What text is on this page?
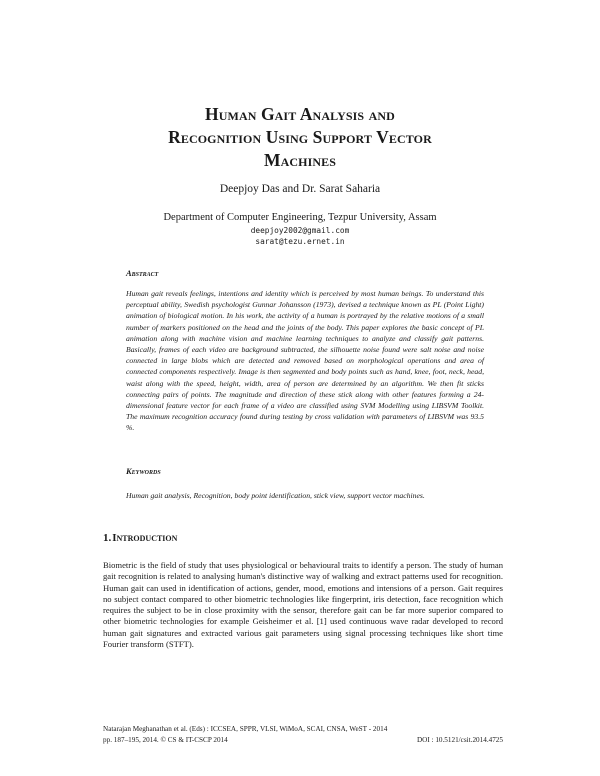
Human Gait Analysis and
Recognition Using Support Vector
Machines
Deepjoy Das and Dr. Sarat Saharia
Department of Computer Engineering, Tezpur University, Assam
deepjoy2002@gmail.com
sarat@tezu.ernet.in
Abstract

Human gait reveals feelings, intentions and identity which is perceived by most human beings. To understand this perceptual ability, Swedish psychologist Gunnar Johansson (1973), devised a technique known as PL (Point Light) animation of biological motion. In his work, the activity of a human is portrayed by the relative motions of a small number of markers positioned on the head and the joints of the body. This paper explores the basic concept of PL animation along with machine vision and machine learning techniques to analyze and classify gait patterns. Basically, frames of each video are background subtracted, the silhouette noise found were salt noise and noise connected in large blobs which are detected and removed based on morphological operations and area of connected components respectively. Image is then segmented and body points such as hand, knee, foot, neck, head, waist along with the speed, height, width, area of person are determined by an algorithm. We then fit sticks connecting pairs of points. The magnitude and direction of these stick along with other features forming a 24-dimensional feature vector for each frame of a video are classified using SVM Modelling using LIBSVM Toolkit. The maximum recognition accuracy found during testing by cross validation with parameters of LIBSVM was 93.5 %.

Keywords

Human gait analysis, Recognition, body point identification, stick view, support vector machines.

1.Introduction

Biometric is the field of study that uses physiological or behavioural traits to identify a person. The study of human gait recognition is related to analysing human's distinctive way of walking and extract patterns used for recognition. Human gait can used in identification of actions, gender, mood, emotions and intensions of a person. Gait requires no subject contact compared to other biometric technologies like fingerprint, iris detection, face recognition which requires the subject to be in close proximity with the sensor, therefore gait can be far more superior compared to other biometric technologies for example Geisheimer et al. [1] used continuous wave radar developed to record human gait signatures and extracted various gait parameters using signal processing techniques like short time Fourier transform (STFT).

Natarajan Meghanathan et al. (Eds) : ICCSEA, SPPR, VLSI, WiMoA, SCAI, CNSA, WeST - 2014
pp. 187–195, 2014. © CS & IT-CSCP 2014	DOI : 10.5121/csit.2014.4725
